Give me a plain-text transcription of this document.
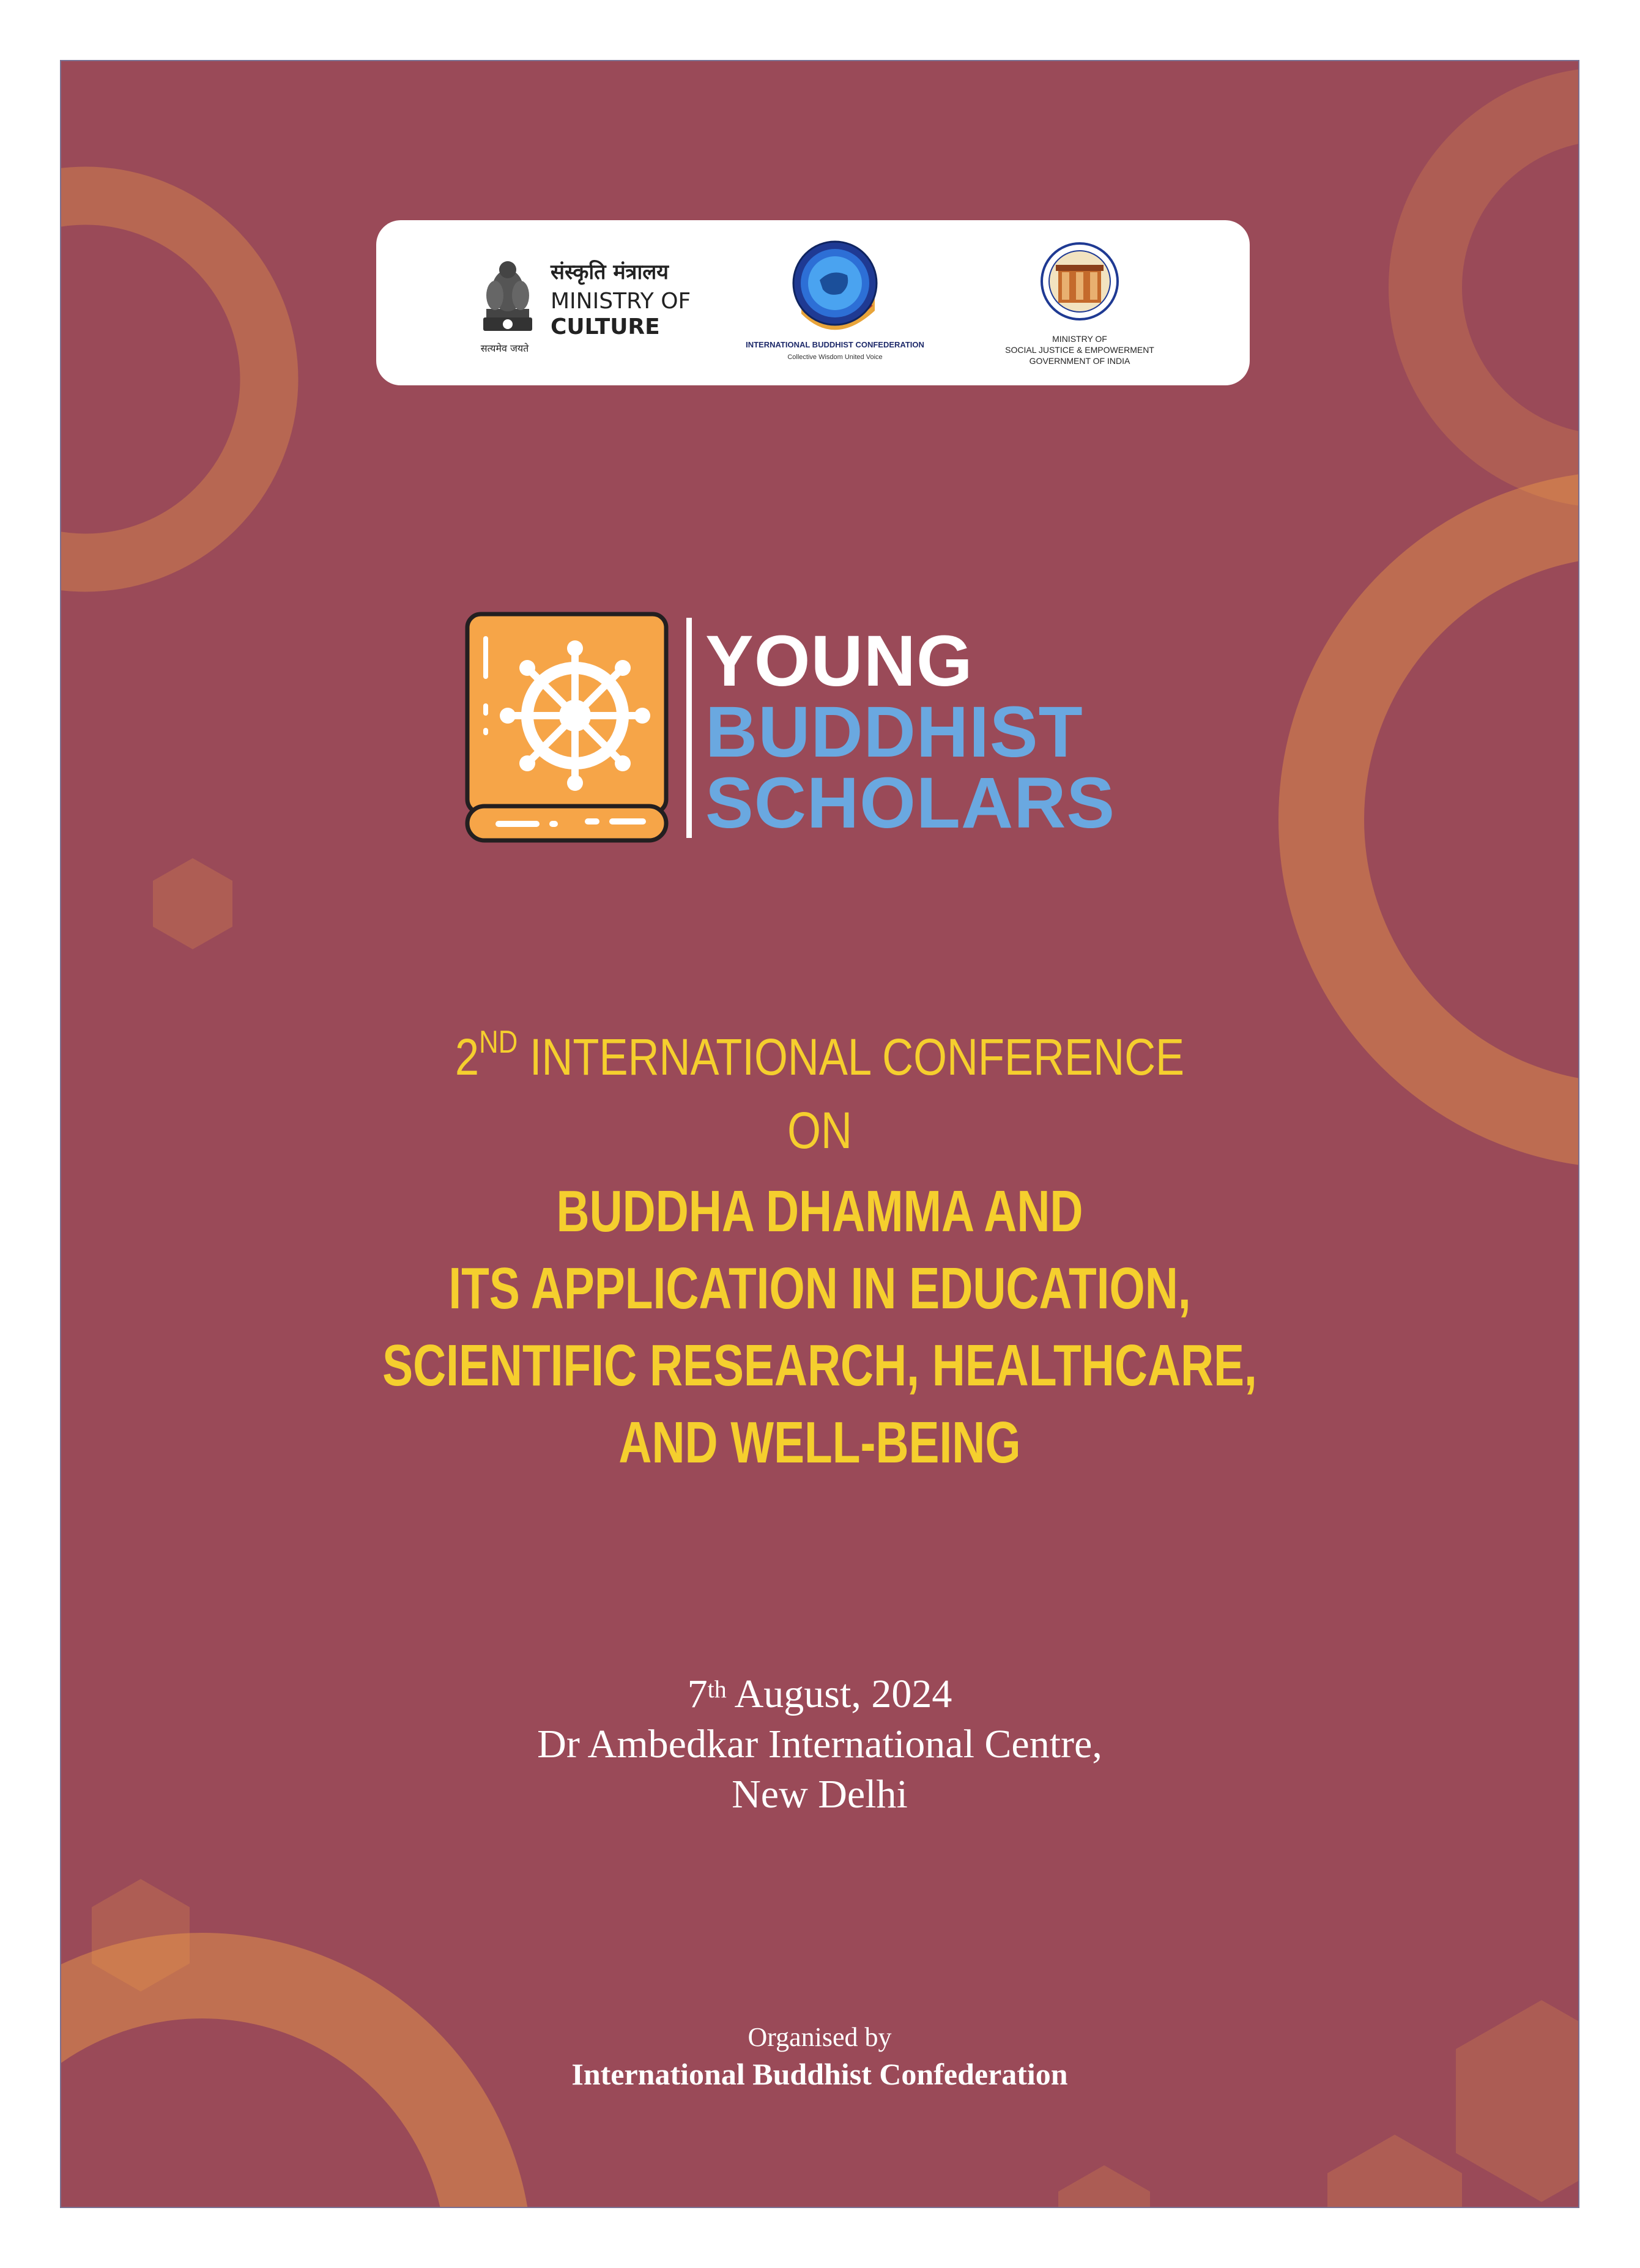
संस्कृति मंत्रालय
MINISTRY OF
CULTURE
सत्यमेव जयते	INTERNATIONAL BUDDHIST CONFEDERATION
Collective Wisdom United Voice
MINISTRY OF
SOCIAL JUSTICE & EMPOWERMENT
GOVERNMENT OF INDIA
YOUNG
BUDDHIST
SCHOLARS
2ND INTERNATIONAL CONFERENCE
ON
BUDDHA DHAMMA AND
ITS APPLICATION IN EDUCATION,
SCIENTIFIC RESEARCH, HEALTHCARE,
AND WELL-BEING
7th August, 2024
Dr Ambedkar International Centre,
New Delhi
Organised by
International Buddhist Confederation
